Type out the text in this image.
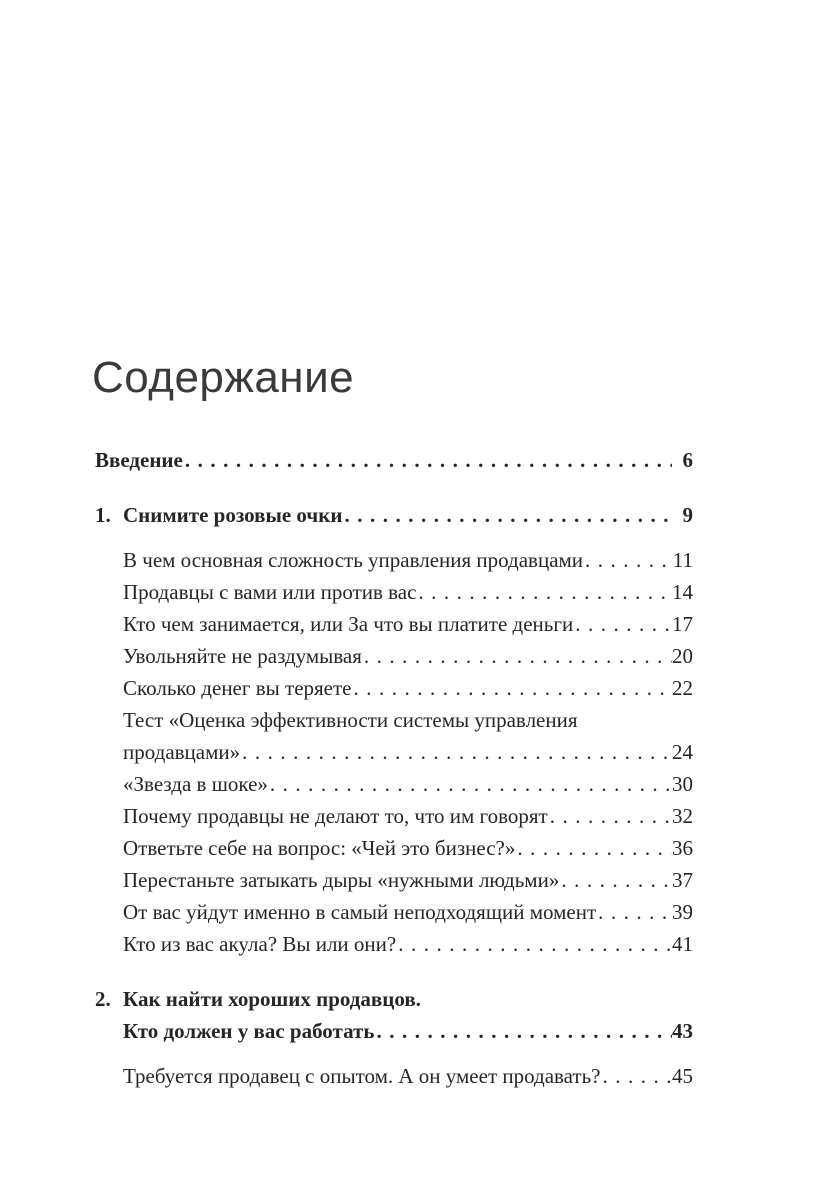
Содержание
Введение .....	6
1. Снимите розовые очки .....	9
В чем основная сложность управления продавцами .....	11
Продавцы с вами или против вас .....	14
Кто чем занимается, или За что вы платите деньги .....	17
Увольняйте не раздумывая .....	20
Сколько денег вы теряете .....	22
Тест «Оценка эффективности системы управления
продавцами» .....	24
«Звезда в шоке» .....	30
Почему продавцы не делают то, что им говорят .....	32
Ответьте себе на вопрос: «Чей это бизнес?» .....	36
Перестаньте затыкать дыры «нужными людьми» .....	37
От вас уйдут именно в самый неподходящий момент .....	39
Кто из вас акула? Вы или они? .....	41
2. Как найти хороших продавцов.
Кто должен у вас работать .....	43
Требуется продавец с опытом. А он умеет продавать? .....	45
